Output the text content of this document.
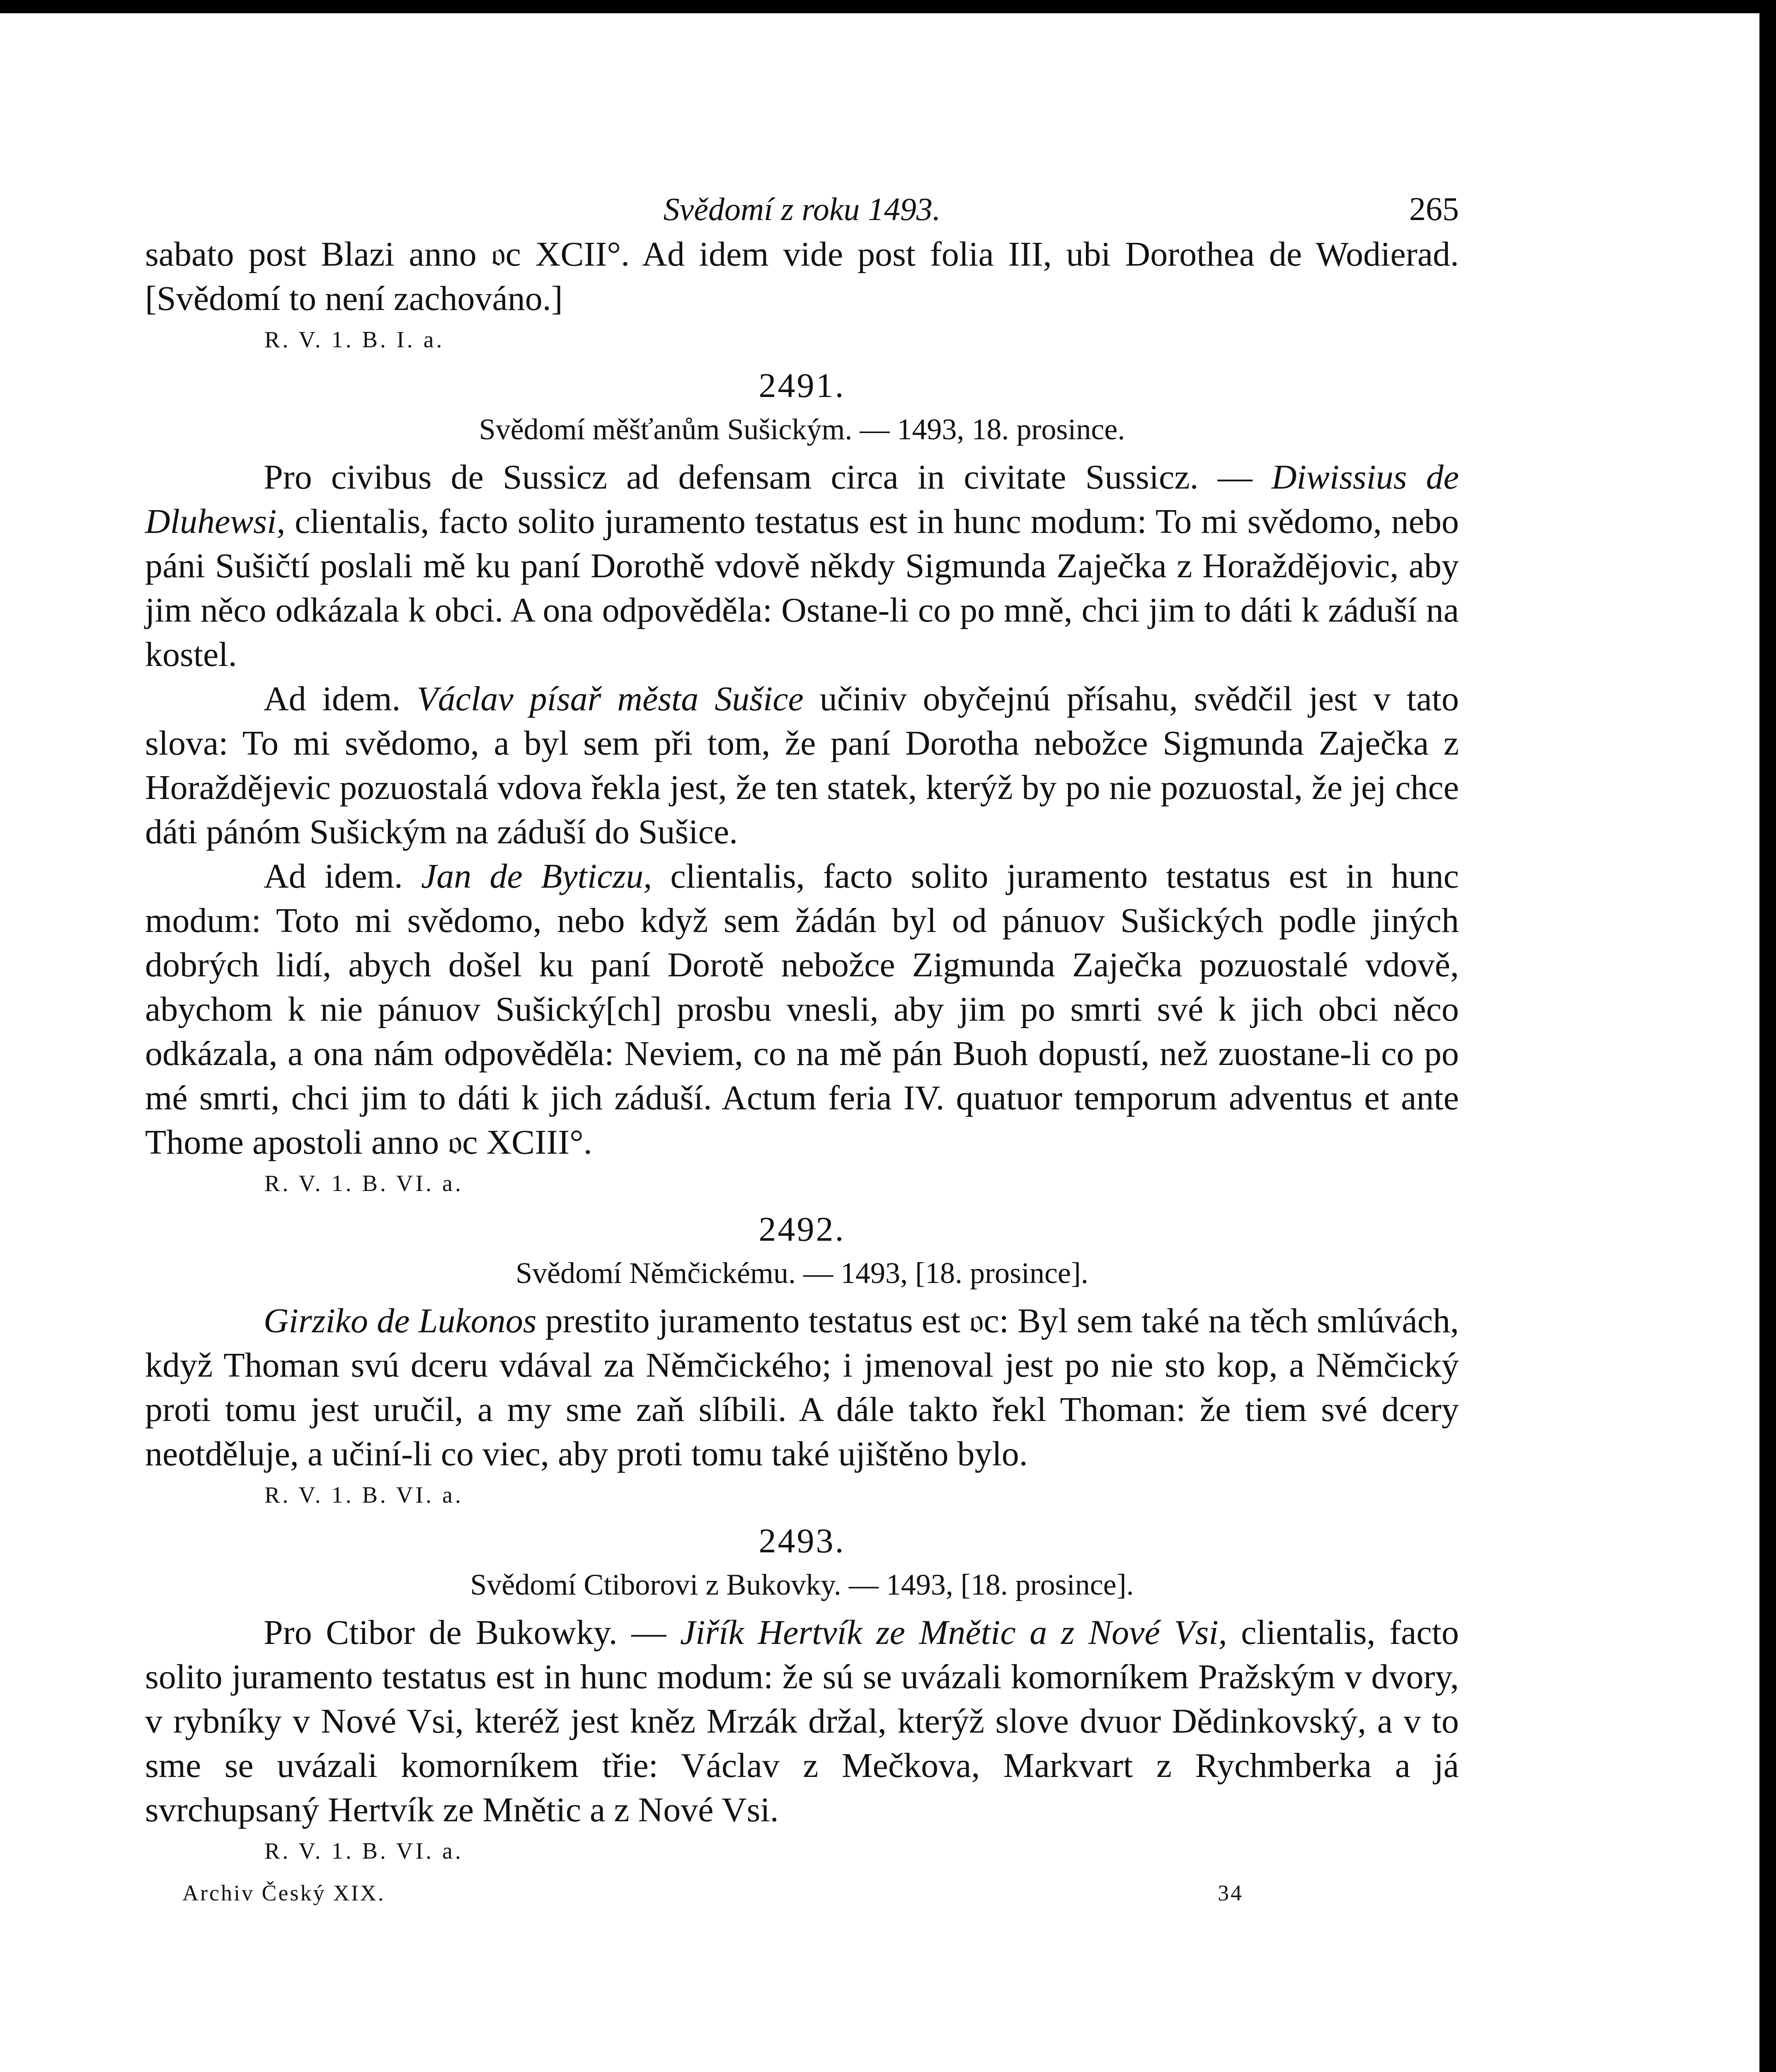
Svědomí z roku 1493.	265

sabato post Blazi anno 𝔬c XCII°. Ad idem vide post folia III, ubi Dorothea de Wodierad. [Svědomí to není zachováno.]

R. V. 1. B. I. a.
2491.
Svědomí měšťanům Sušickým. — 1493, 18. prosince.

Pro civibus de Sussicz ad defensam circa in civitate Sussicz. — Diwissius de Dluhewsi, clientalis, facto solito juramento testatus est in hunc modum: To mi svědomo, nebo páni Sušičtí poslali mě ku paní Dorothě vdově někdy Sigmunda Zaječka z Horaždějovic, aby jim něco odkázala k obci. A ona odpověděla: Ostane-li co po mně, chci jim to dáti k záduší na kostel.

Ad idem. Václav písař města Sušice učiniv obyčejnú přísahu, svědčil jest v tato slova: To mi svědomo, a byl sem při tom, že paní Dorotha nebožce Sigmunda Zaječka z Horaždějevic pozuostalá vdova řekla jest, že ten statek, kterýž by po nie pozuostal, že jej chce dáti pánóm Sušickým na záduší do Sušice.

Ad idem. Jan de Byticzu, clientalis, facto solito juramento testatus est in hunc modum: Toto mi svědomo, nebo když sem žádán byl od pánuov Sušických podle jiných dobrých lidí, abych došel ku paní Dorotě nebožce Zigmunda Zaječka pozuostalé vdově, abychom k nie pánuov Sušický[ch] prosbu vnesli, aby jim po smrti své k jich obci něco odkázala, a ona nám odpověděla: Neviem, co na mě pán Buoh dopustí, než zuostane-li co po mé smrti, chci jim to dáti k jich záduší. Actum feria IV. quatuor temporum adventus et ante Thome apostoli anno 𝔬c XCIII°.

R. V. 1. B. VI. a.
2492.
Svědomí Němčickému. — 1493, [18. prosince].

Girziko de Lukonos prestito juramento testatus est 𝔬c: Byl sem také na těch smlúvách, když Thoman svú dceru vdával za Němčického; i jmenoval jest po nie sto kop, a Němčický proti tomu jest uručil, a my sme zaň slíbili. A dále takto řekl Thoman: že tiem své dcery neotděluje, a učiní-li co viec, aby proti tomu také ujištěno bylo.

R. V. 1. B. VI. a.
2493.
Svědomí Ctiborovi z Bukovky. — 1493, [18. prosince].

Pro Ctibor de Bukowky. — Jiřík Hertvík ze Mnětic a z Nové Vsi, clientalis, facto solito juramento testatus est in hunc modum: že sú se uvázali komorníkem Pražským v dvory, v rybníky v Nové Vsi, kteréž jest kněz Mrzák držal, kterýž slove dvuor Dědinkovský, a v to sme se uvázali komorníkem třie: Václav z Mečkova, Markvart z Rychmberka a já svrchupsaný Hertvík ze Mnětic a z Nové Vsi.

R. V. 1. B. VI. a.
Archiv Český XIX.	34
